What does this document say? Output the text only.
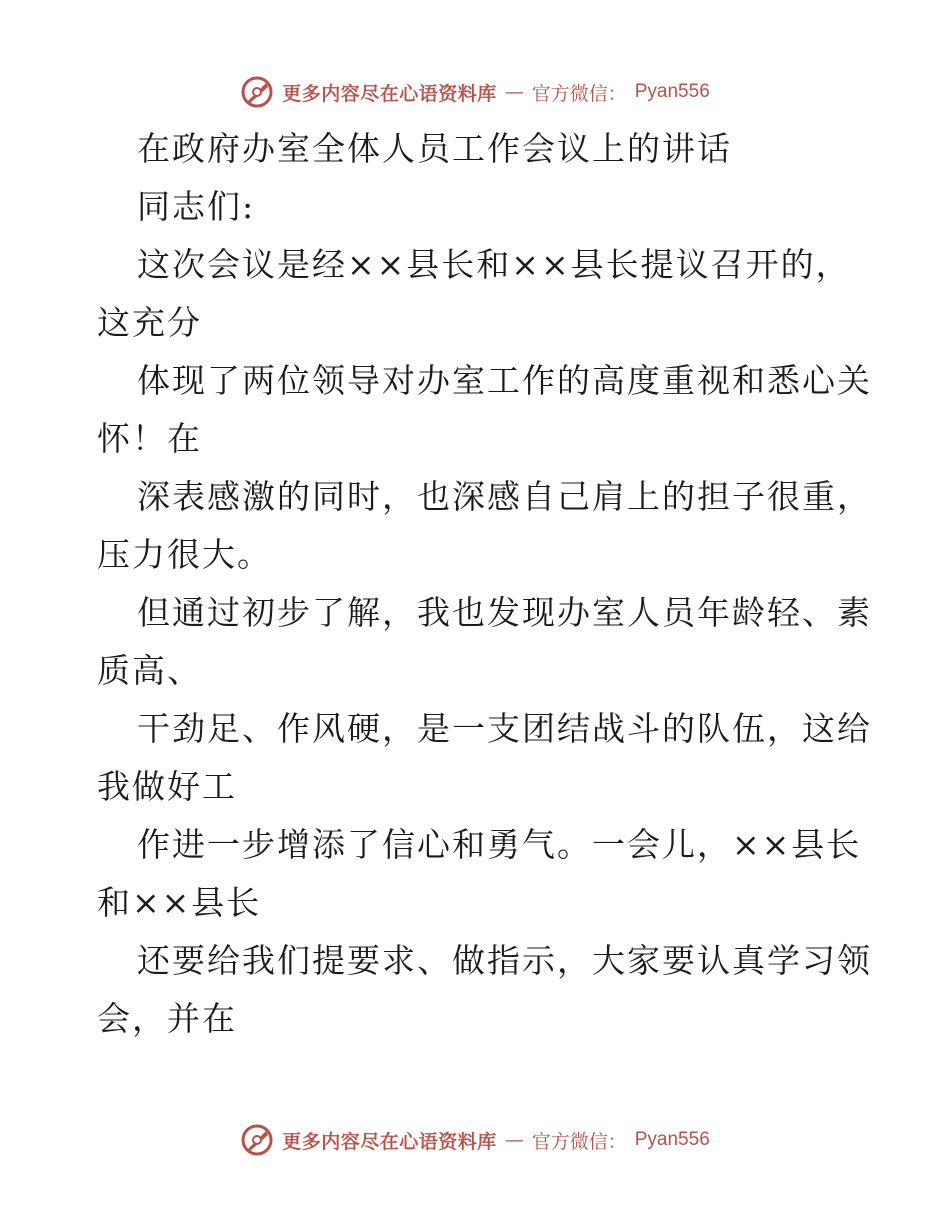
更多内容尽在心语资料库 — 官方微信： Pyan556
在政府办室全体人员工作会议上的讲话
同志们:
这次会议是经××县长和××县长提议召开的，
这充分
体现了两位领导对办室工作的高度重视和悉心关
怀！在
深表感激的同时，也深感自己肩上的担子很重，
压力很大。
但通过初步了解，我也发现办室人员年龄轻、素
质高、
干劲足、作风硬，是一支团结战斗的队伍，这给
我做好工
作进一步增添了信心和勇气。一会儿，××县长
和××县长
还要给我们提要求、做指示，大家要认真学习领
会，并在
更多内容尽在心语资料库 — 官方微信： Pyan556
